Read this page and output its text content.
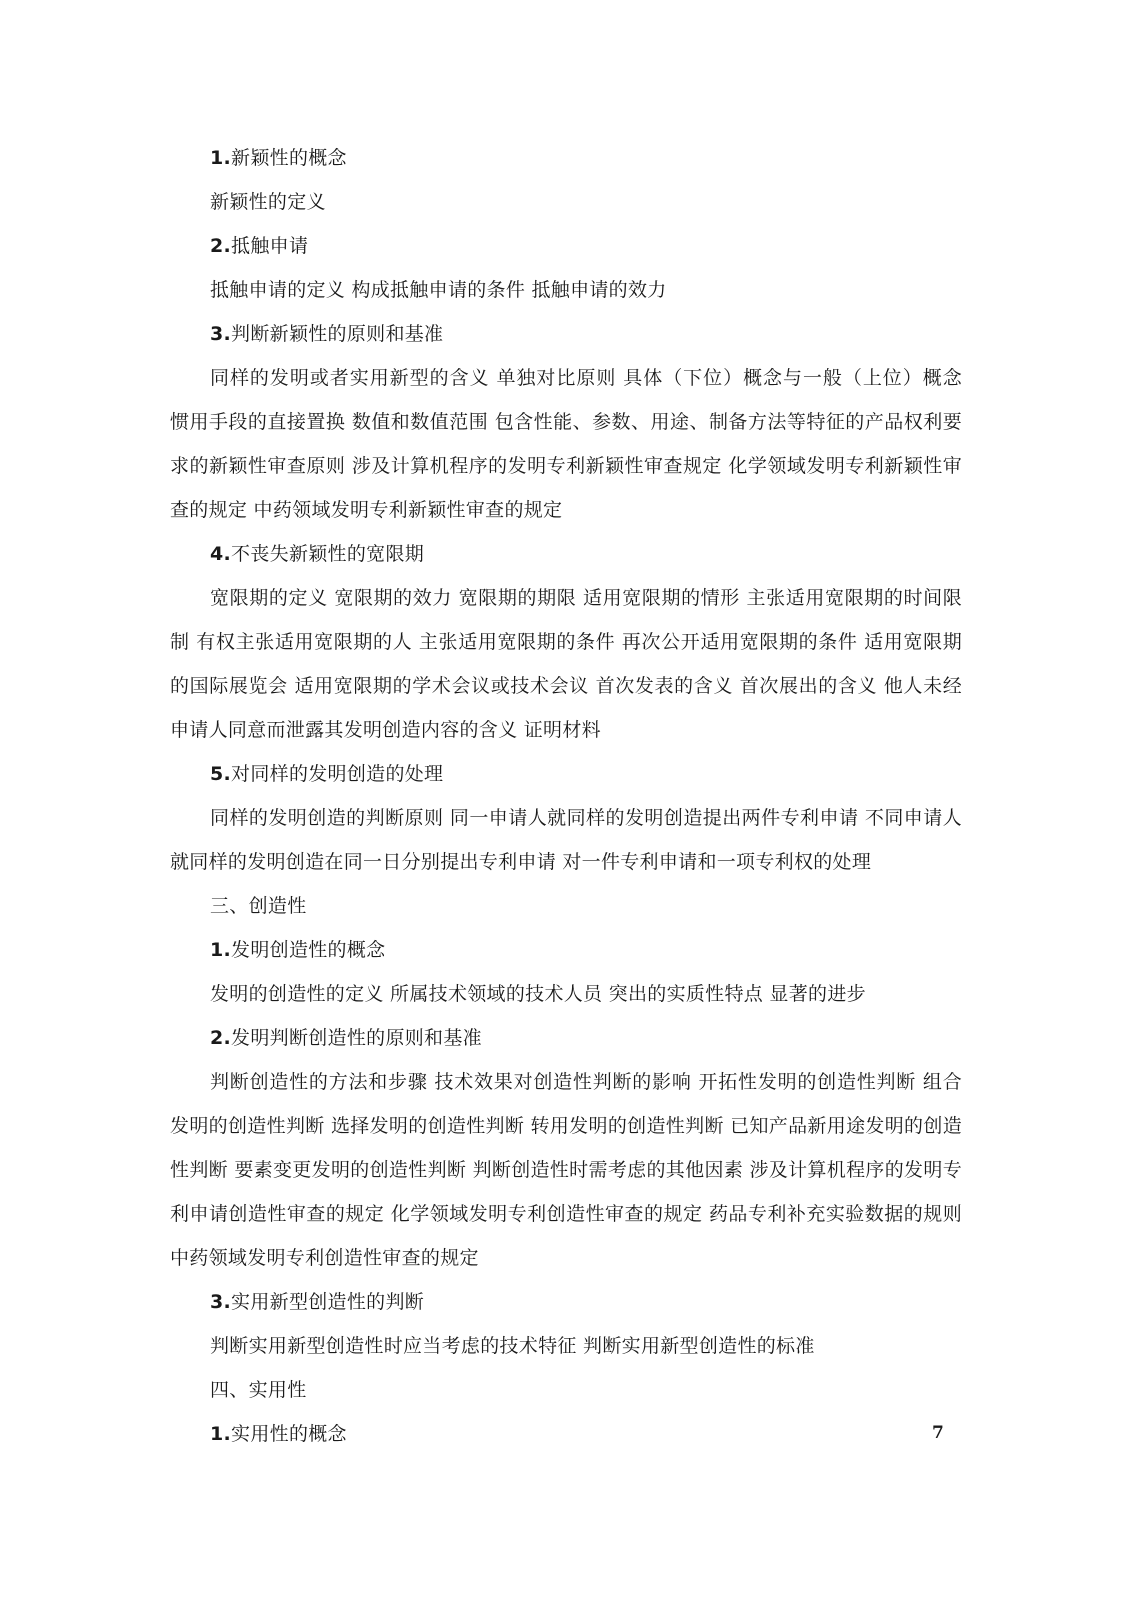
1.新颖性的概念

新颖性的定义

2.抵触申请

抵触申请的定义 构成抵触申请的条件 抵触申请的效力

3.判断新颖性的原则和基准

同样的发明或者实用新型的含义 单独对比原则 具体（下位）概念与一般（上位）概念 惯用手段的直接置换 数值和数值范围 包含性能、参数、用途、制备方法等特征的产品权利要求的新颖性审查原则 涉及计算机程序的发明专利新颖性审查规定 化学领域发明专利新颖性审查的规定 中药领域发明专利新颖性审查的规定

4.不丧失新颖性的宽限期

宽限期的定义 宽限期的效力 宽限期的期限 适用宽限期的情形 主张适用宽限期的时间限制 有权主张适用宽限期的人 主张适用宽限期的条件 再次公开适用宽限期的条件 适用宽限期的国际展览会 适用宽限期的学术会议或技术会议 首次发表的含义 首次展出的含义 他人未经申请人同意而泄露其发明创造内容的含义 证明材料

5.对同样的发明创造的处理

同样的发明创造的判断原则 同一申请人就同样的发明创造提出两件专利申请 不同申请人就同样的发明创造在同一日分别提出专利申请 对一件专利申请和一项专利权的处理

三、创造性

1.发明创造性的概念

发明的创造性的定义 所属技术领域的技术人员 突出的实质性特点 显著的进步

2.发明判断创造性的原则和基准

判断创造性的方法和步骤 技术效果对创造性判断的影响 开拓性发明的创造性判断 组合发明的创造性判断 选择发明的创造性判断 转用发明的创造性判断 已知产品新用途发明的创造性判断 要素变更发明的创造性判断 判断创造性时需考虑的其他因素 涉及计算机程序的发明专利申请创造性审查的规定 化学领域发明专利创造性审查的规定 药品专利补充实验数据的规则 中药领域发明专利创造性审查的规定

3.实用新型创造性的判断

判断实用新型创造性时应当考虑的技术特征 判断实用新型创造性的标准

四、实用性

1.实用性的概念	7
